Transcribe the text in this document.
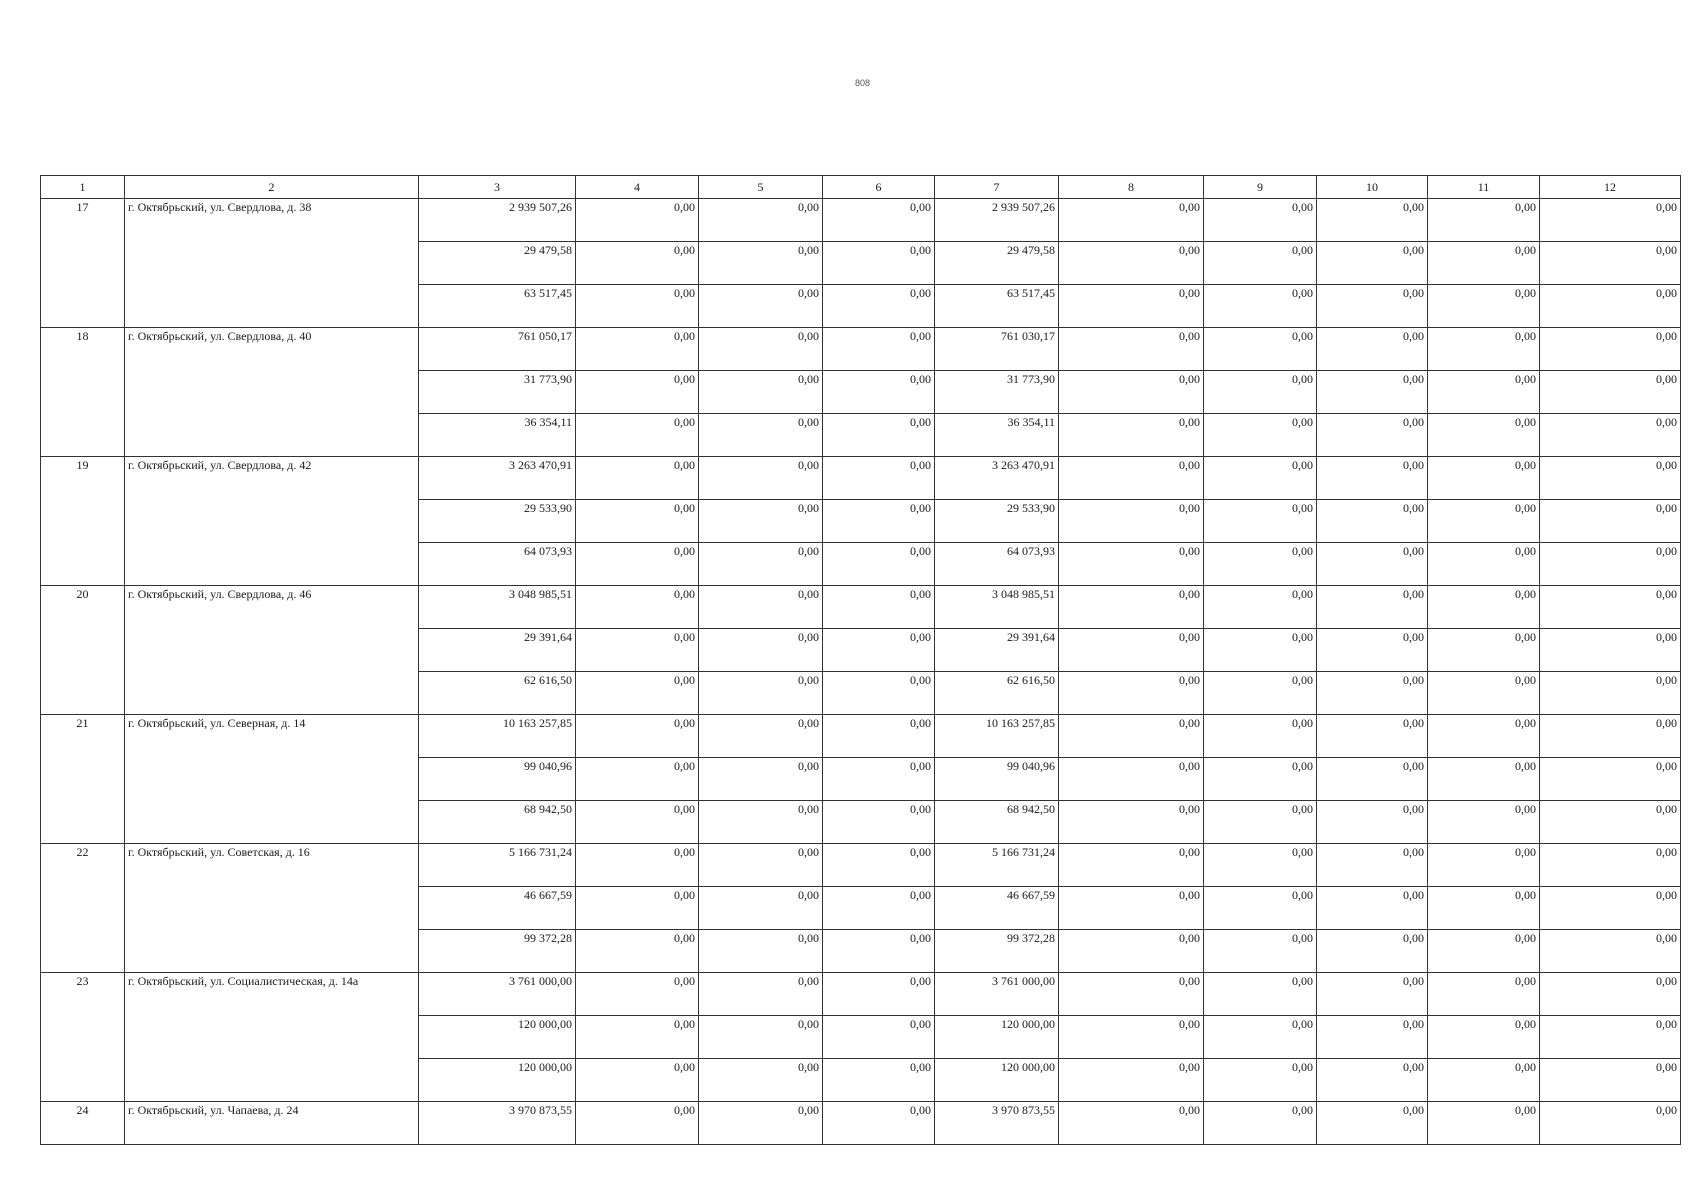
808
1	2	3	4	5	6	7	8	9	10	11	12
17	г. Октябрьский, ул. Свердлова, д. 38	2 939 507,26	0,00	0,00	0,00	2 939 507,26	0,00	0,00	0,00	0,00	0,00
		29 479,58	0,00	0,00	0,00	29 479,58	0,00	0,00	0,00	0,00	0,00
		63 517,45	0,00	0,00	0,00	63 517,45	0,00	0,00	0,00	0,00	0,00
18	г. Октябрьский, ул. Свердлова, д. 40	761 050,17	0,00	0,00	0,00	761 030,17	0,00	0,00	0,00	0,00	0,00
		31 773,90	0,00	0,00	0,00	31 773,90	0,00	0,00	0,00	0,00	0,00
		36 354,11	0,00	0,00	0,00	36 354,11	0,00	0,00	0,00	0,00	0,00
19	г. Октябрьский, ул. Свердлова, д. 42	3 263 470,91	0,00	0,00	0,00	3 263 470,91	0,00	0,00	0,00	0,00	0,00
		29 533,90	0,00	0,00	0,00	29 533,90	0,00	0,00	0,00	0,00	0,00
		64 073,93	0,00	0,00	0,00	64 073,93	0,00	0,00	0,00	0,00	0,00
20	г. Октябрьский, ул. Свердлова, д. 46	3 048 985,51	0,00	0,00	0,00	3 048 985,51	0,00	0,00	0,00	0,00	0,00
		29 391,64	0,00	0,00	0,00	29 391,64	0,00	0,00	0,00	0,00	0,00
		62 616,50	0,00	0,00	0,00	62 616,50	0,00	0,00	0,00	0,00	0,00
21	г. Октябрьский, ул. Северная, д. 14	10 163 257,85	0,00	0,00	0,00	10 163 257,85	0,00	0,00	0,00	0,00	0,00
		99 040,96	0,00	0,00	0,00	99 040,96	0,00	0,00	0,00	0,00	0,00
		68 942,50	0,00	0,00	0,00	68 942,50	0,00	0,00	0,00	0,00	0,00
22	г. Октябрьский, ул. Советская, д. 16	5 166 731,24	0,00	0,00	0,00	5 166 731,24	0,00	0,00	0,00	0,00	0,00
		46 667,59	0,00	0,00	0,00	46 667,59	0,00	0,00	0,00	0,00	0,00
		99 372,28	0,00	0,00	0,00	99 372,28	0,00	0,00	0,00	0,00	0,00
23	г. Октябрьский, ул. Социалистическая, д. 14а	3 761 000,00	0,00	0,00	0,00	3 761 000,00	0,00	0,00	0,00	0,00	0,00
		120 000,00	0,00	0,00	0,00	120 000,00	0,00	0,00	0,00	0,00	0,00
		120 000,00	0,00	0,00	0,00	120 000,00	0,00	0,00	0,00	0,00	0,00
24	г. Октябрьский, ул. Чапаева, д. 24	3 970 873,55	0,00	0,00	0,00	3 970 873,55	0,00	0,00	0,00	0,00	0,00
